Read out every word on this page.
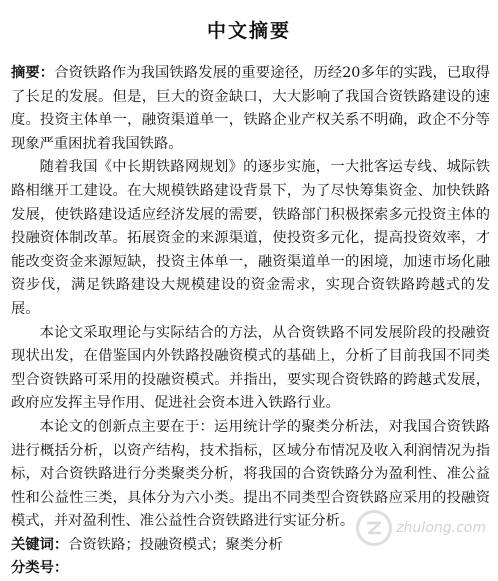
中文摘要

摘要：合资铁路作为我国铁路发展的重要途径，历经20多年的实践，已取得了长足的发展。但是，巨大的资金缺口，大大影响了我国合资铁路建设的速度。投资主体单一，融资渠道单一，铁路企业产权关系不明确，政企不分等现象严重困扰着我国铁路。

随着我国《中长期铁路网规划》的逐步实施，一大批客运专线、城际铁路相继开工建设。在大规模铁路建设背景下，为了尽快筹集资金、加快铁路发展，使铁路建设适应经济发展的需要，铁路部门积极探索多元投资主体的投融资体制改革。拓展资金的来源渠道，使投资多元化，提高投资效率，才能改变资金来源短缺，投资主体单一，融资渠道单一的困境，加速市场化融资步伐，满足铁路建设大规模建设的资金需求，实现合资铁路跨越式的发展。

本论文采取理论与实际结合的方法，从合资铁路不同发展阶段的投融资现状出发，在借鉴国内外铁路投融资模式的基础上，分析了目前我国不同类型合资铁路可采用的投融资模式。并指出，要实现合资铁路的跨越式发展，政府应发挥主导作用、促进社会资本进入铁路行业。

本论文的创新点主要在于：运用统计学的聚类分析法，对我国合资铁路进行概括分析，以资产结构，技术指标，区域分布情况及收入利润情况为指标，对合资铁路进行分类聚类分析，将我国的合资铁路分为盈利性、准公益性和公益性三类，具体分为六小类。提出不同类型合资铁路应采用的投融资模式，并对盈利性、准公益性合资铁路进行实证分析。

关键词：合资铁路；投融资模式；聚类分析

分类号：

zhulong.com
